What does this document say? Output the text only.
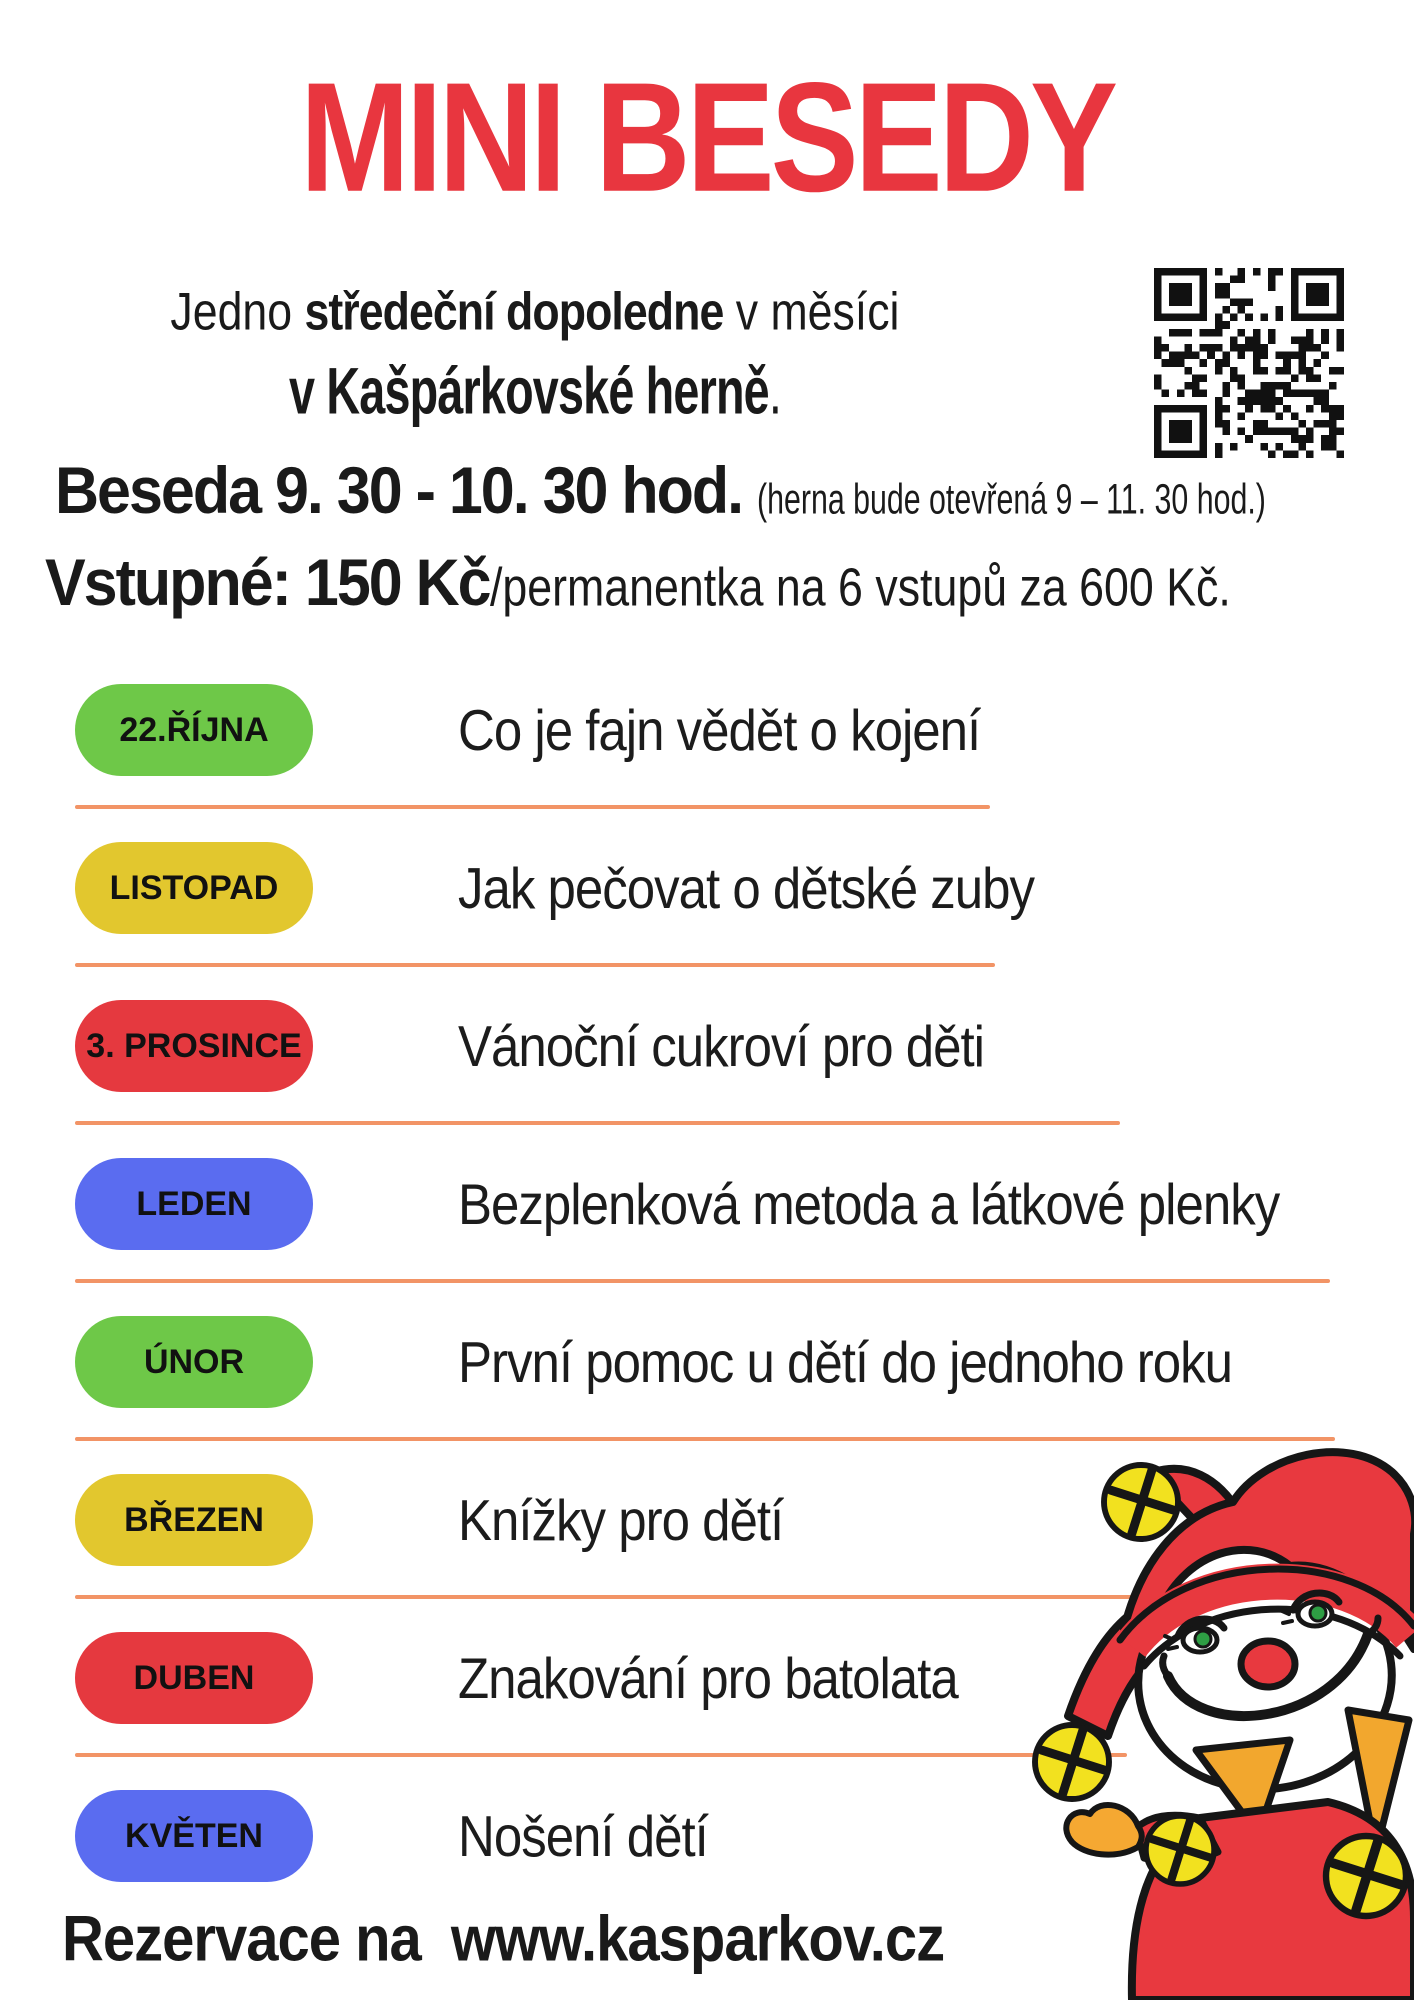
MINI BESEDY
Jedno středeční dopoledne v měsíci
v Kašpárkovské herně.
Beseda 9. 30 - 10. 30 hod. (herna bude otevřená 9 – 11. 30 hod.)
Vstupné: 150 Kč/permanentka na 6 vstupů za 600 Kč.
22.ŘÍJNA	Co je fajn vědět o kojení
LISTOPAD	Jak pečovat o dětské zuby
3. PROSINCE	Vánoční cukroví pro děti
LEDEN	Bezplenková metoda a látkové plenky
ÚNOR	První pomoc u dětí do jednoho roku
BŘEZEN	Knížky pro dětí
DUBEN	Znakování pro batolata
KVĚTEN	Nošení dětí
Rezervace na www.kasparkov.cz
